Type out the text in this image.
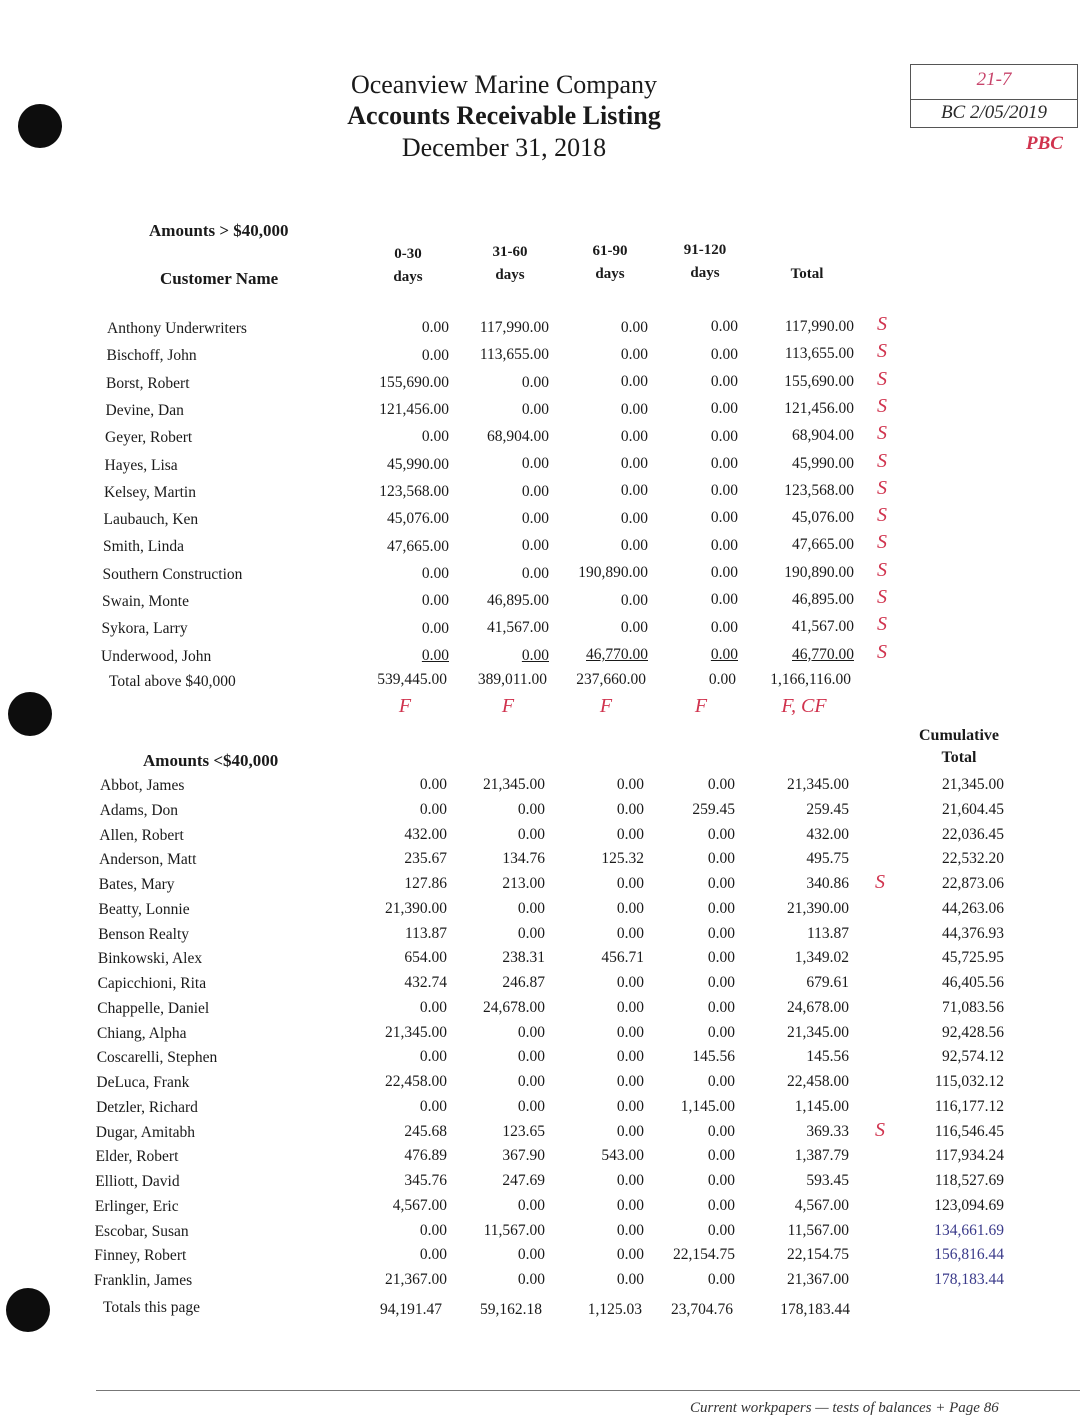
Oceanview Marine Company
Accounts Receivable Listing
December 31, 2018
21-7
BC 2/05/2019
PBC
Amounts > $40,000
Customer Name
0-30
days
31-60
days
61-90
days
91-120
days	Total
Anthony Underwriters	0.00 117,990.00	0.00	0.00	117,990.00 S
Bischoff, John	0.00 113,655.00	0.00	0.00	113,655.00 S
Borst, Robert	155,690.00	0.00	0.00	0.00	155,690.00 S
Devine, Dan	121,456.00	0.00	0.00	0.00	121,456.00 S
Geyer, Robert	0.00 68,904.00	0.00	0.00	68,904.00 S
Hayes, Lisa	45,990.00	0.00	0.00	0.00	45,990.00 S
Kelsey, Martin	123,568.00	0.00	0.00	0.00	123,568.00 S
Laubauch, Ken	45,076.00	0.00	0.00	0.00	45,076.00 S
Smith, Linda	47,665.00	0.00	0.00	0.00	47,665.00 S
Southern Construction	0.00	0.00 190,890.00	0.00	190,890.00 S
Swain, Monte	0.00 46,895.00	0.00	0.00	46,895.00 S
Sykora, Larry	0.00 41,567.00	0.00	0.00	41,567.00 S
Underwood, John	0.00	0.00 46,770.00	0.00	46,770.00 S
Total above $40,000	539,445.00 389,011.00 237,660.00	0.00 1,166,116.00
F	F	F	F	F, CF
Amounts <$40,000
Cumulative
Total
Abbot, James	0.00 21,345.00	0.00	0.00	21,345.00	21,345.00
Adams, Don	0.00	0.00	0.00	259.45	259.45	21,604.45
Allen, Robert	432.00	0.00	0.00	0.00	432.00	22,036.45
Anderson, Matt	235.67	134.76	125.32	0.00	495.75	22,532.20
Bates, Mary	127.86	213.00	0.00	0.00	340.86 S	22,873.06
Beatty, Lonnie	21,390.00	0.00	0.00	0.00	21,390.00	44,263.06
Benson Realty	113.87	0.00	0.00	0.00	113.87	44,376.93
Binkowski, Alex	654.00	238.31	456.71	0.00	1,349.02	45,725.95
Capicchioni, Rita	432.74	246.87	0.00	0.00	679.61	46,405.56
Chappelle, Daniel	0.00 24,678.00	0.00	0.00	24,678.00	71,083.56
Chiang, Alpha	21,345.00	0.00	0.00	0.00	21,345.00	92,428.56
Coscarelli, Stephen	0.00	0.00	0.00	145.56	145.56	92,574.12
DeLuca, Frank	22,458.00	0.00	0.00	0.00	22,458.00	115,032.12
Detzler, Richard	0.00	0.00	0.00 1,145.00	1,145.00	116,177.12
Dugar, Amitabh	245.68	123.65	0.00	0.00	369.33 S	116,546.45
Elder, Robert	476.89	367.90	543.00	0.00	1,387.79	117,934.24
Elliott, David	345.76	247.69	0.00	0.00	593.45	118,527.69
Erlinger, Eric	4,567.00	0.00	0.00	0.00	4,567.00	123,094.69
Escobar, Susan	0.00 11,567.00	0.00	0.00	11,567.00	134,661.69
Finney, Robert	0.00	0.00	0.00 22,154.75	22,154.75	156,816.44
Franklin, James	21,367.00	0.00	0.00	0.00	21,367.00	178,183.44
Totals this page	94,191.47 59,162.18	1,125.03 23,704.76	178,183.44
Current workpapers — tests of balances + Page 86
